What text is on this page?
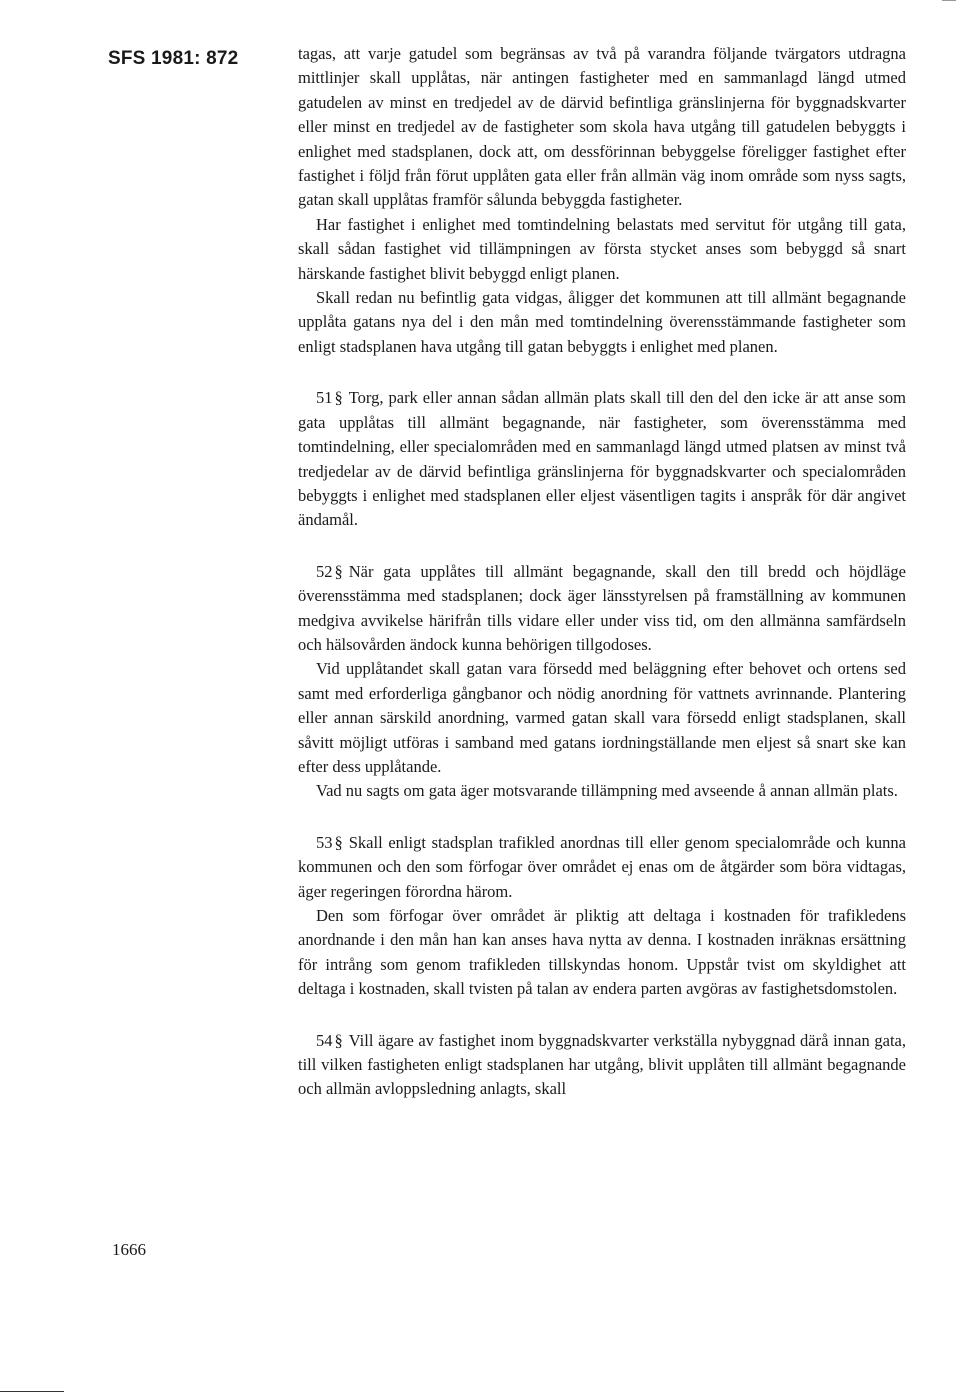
SFS 1981: 872	tagas, att varje gatudel som begränsas av två på varandra följande tvärgators utdragna mittlinjer skall upplåtas, när antingen fastigheter med en sammanlagd längd utmed gatudelen av minst en tredjedel av de därvid befintliga gränslinjerna för byggnadskvarter eller minst en tredjedel av de fastigheter som skola hava utgång till gatudelen bebyggts i enlighet med stadsplanen, dock att, om dessförinnan bebyggelse föreligger fastighet efter fastighet i följd från förut upplåten gata eller från allmän väg inom område som nyss sagts, gatan skall upplåtas framför sålunda bebyggda fastigheter.

Har fastighet i enlighet med tomtindelning belastats med servitut för utgång till gata, skall sådan fastighet vid tillämpningen av första stycket anses som bebyggd så snart härskande fastighet blivit bebyggd enligt planen.

Skall redan nu befintlig gata vidgas, åligger det kommunen att till allmänt begagnande upplåta gatans nya del i den mån med tomtindelning överensstämmande fastigheter som enligt stadsplanen hava utgång till gatan bebyggts i enlighet med planen.

51 § Torg, park eller annan sådan allmän plats skall till den del den icke är att anse som gata upplåtas till allmänt begagnande, när fastigheter, som överensstämma med tomtindelning, eller specialområden med en sammanlagd längd utmed platsen av minst två tredjedelar av de därvid befintliga gränslinjerna för byggnadskvarter och specialområden bebyggts i enlighet med stadsplanen eller eljest väsentligen tagits i anspråk för där angivet ändamål.

52 § När gata upplåtes till allmänt begagnande, skall den till bredd och höjdläge överensstämma med stadsplanen; dock äger länsstyrelsen på framställning av kommunen medgiva avvikelse härifrån tills vidare eller under viss tid, om den allmänna samfärdseln och hälsovården ändock kunna behörigen tillgodoses.

Vid upplåtandet skall gatan vara försedd med beläggning efter behovet och ortens sed samt med erforderliga gångbanor och nödig anordning för vattnets avrinnande. Plantering eller annan särskild anordning, varmed gatan skall vara försedd enligt stadsplanen, skall såvitt möjligt utföras i samband med gatans iordningställande men eljest så snart ske kan efter dess upplåtande.

Vad nu sagts om gata äger motsvarande tillämpning med avseende å annan allmän plats.

53 § Skall enligt stadsplan trafikled anordnas till eller genom specialområde och kunna kommunen och den som förfogar över området ej enas om de åtgärder som böra vidtagas, äger regeringen förordna härom.

Den som förfogar över området är pliktig att deltaga i kostnaden för trafikledens anordnande i den mån han kan anses hava nytta av denna. I kostnaden inräknas ersättning för intrång som genom trafikleden tillskyndas honom. Uppstår tvist om skyldighet att deltaga i kostnaden, skall tvisten på talan av endera parten avgöras av fastighetsdomstolen.

54 § Vill ägare av fastighet inom byggnadskvarter verkställa nybyggnad därå innan gata, till vilken fastigheten enligt stadsplanen har utgång, blivit upplåten till allmänt begagnande och allmän avloppsledning anlagts, skall

1666
